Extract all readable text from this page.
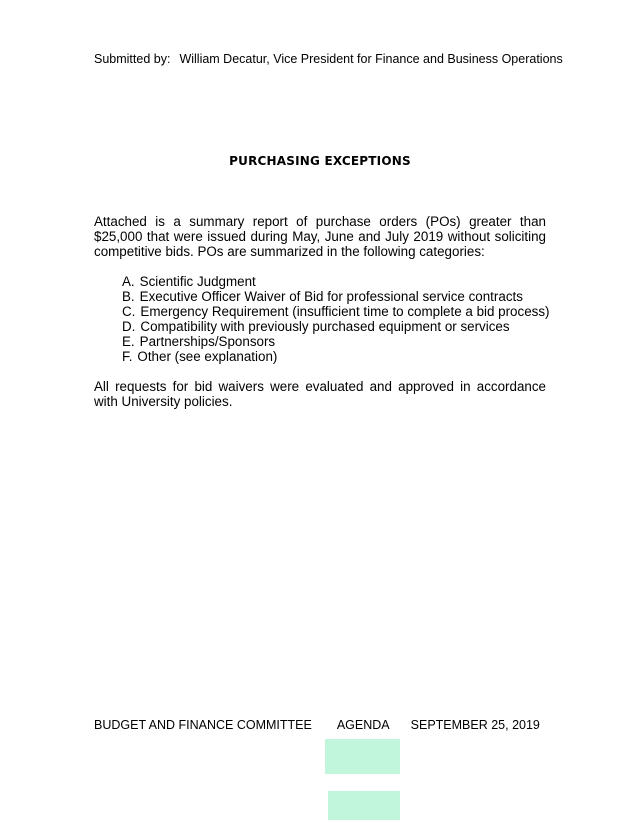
Submitted by: William Decatur, Vice President for Finance and Business Operations
PURCHASING EXCEPTIONS
Attached is a summary report of purchase orders (POs) greater than $25,000 that were issued during May, June and July 2019 without soliciting competitive bids. POs are summarized in the following categories:
A. Scientific Judgment
B. Executive Officer Waiver of Bid for professional service contracts
C. Emergency Requirement (insufficient time to complete a bid process)
D. Compatibility with previously purchased equipment or services
E. Partnerships/Sponsors
F. Other (see explanation)
All requests for bid waivers were evaluated and approved in accordance with University policies.
BUDGET AND FINANCE COMMITTEE AGENDA SEPTEMBER 25, 2019
